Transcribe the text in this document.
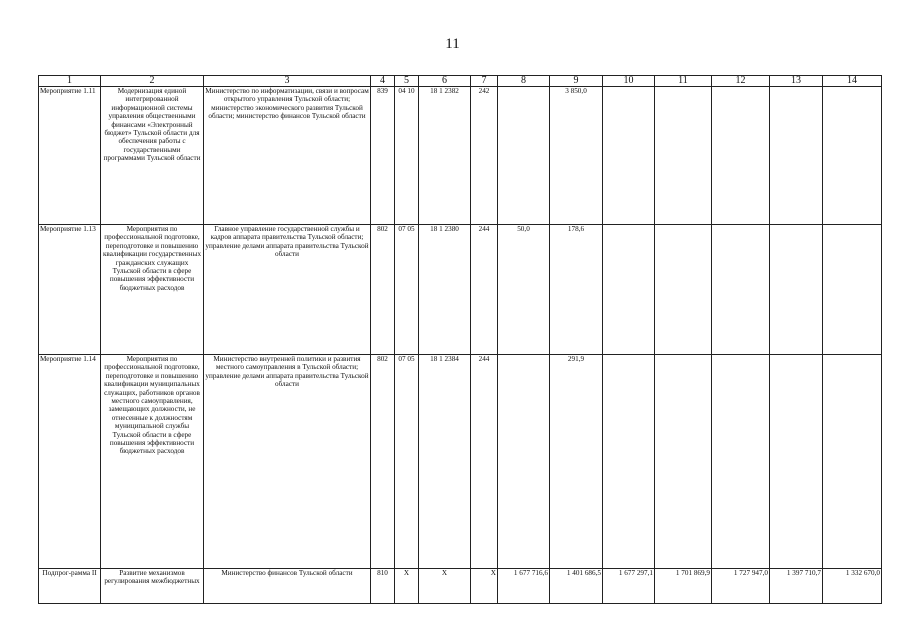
11
1	2	3	4	5	6	7	8	9	10	11	12	13	14
Мероприятие 1.11	Модернизация единой интегрированной информационной системы управления общественными финансами «Электронный бюджет» Тульской области для обеспечения работы с государственными программами Тульской области	Министерство по информатизации, связи и вопросам открытого управления Тульской области; министерство экономического развития Тульской области; министерство финансов Тульской области	839	04 10	18 1 2382	242		3 850,0					
Мероприятие 1.13	Мероприятия по профессиональной подготовке, переподготовке и повышению квалификации государственных гражданских служащих Тульской области в сфере повышения эффективности бюджетных расходов	Главное управление государственной службы и кадров аппарата правительства Тульской области; управление делами аппарата правительства Тульской области	802	07 05	18 1 2380	244	50,0	178,6					
Мероприятие 1.14	Мероприятия по профессиональной подготовке, переподготовке и повышению квалификации муниципальных служащих, работников органов местного самоуправления, замещающих должности, не отнесенные к должностям муниципальной службы Тульской области в сфере повышения эффективности бюджетных расходов	Министерство внутренней политики и развития местного самоуправления в Тульской области; управление делами аппарата правительства Тульской области	802	07 05	18 1 2384	244		291,9					
Подпрог-рамма II	Развитие механизмов регулирования межбюджетных	Министерство финансов Тульской области	810	Х	Х	Х	1 677 716,6	1 401 686,5	1 677 297,1	1 701 869,9	1 727 947,0	1 397 710,7	1 332 670,0
